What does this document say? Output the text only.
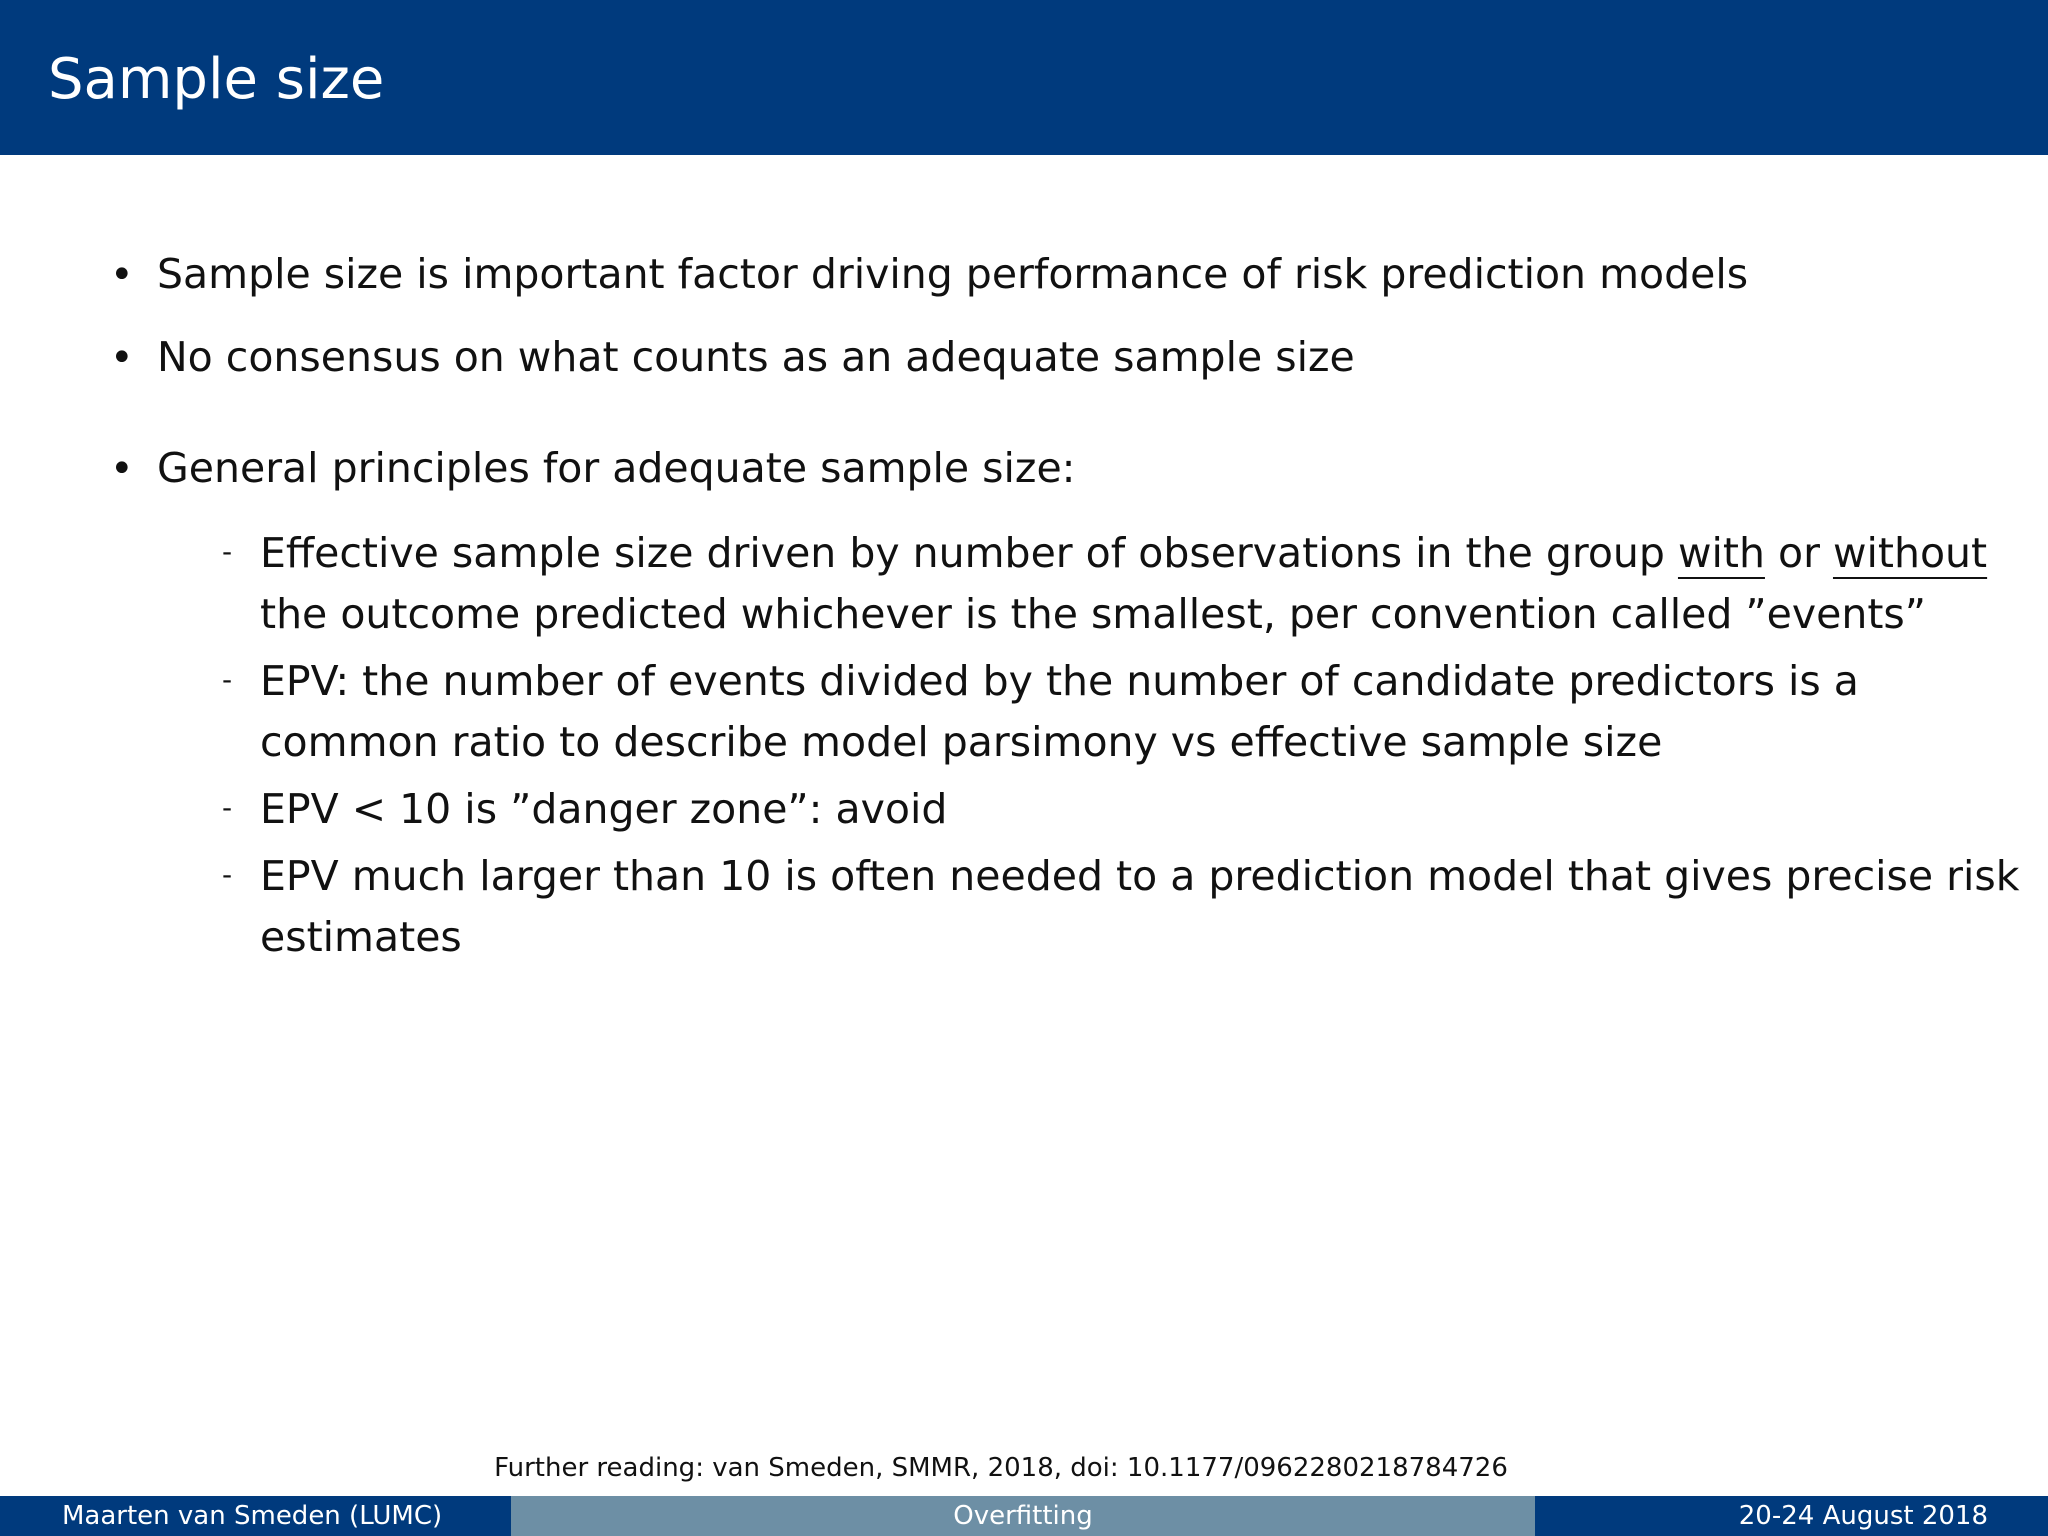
Sample size
• Sample size is important factor driving performance of risk prediction models
• No consensus on what counts as an adequate sample size
• General principles for adequate sample size:
- Effective sample size driven by number of observations in the group with or without the outcome predicted whichever is the smallest, per convention called ”events”
- EPV: the number of events divided by the number of candidate predictors is a common ratio to describe model parsimony vs effective sample size
- EPV < 10 is ”danger zone”: avoid
- EPV much larger than 10 is often needed to a prediction model that gives precise risk estimates
Further reading: van Smeden, SMMR, 2018, doi: 10.1177/0962280218784726
Maarten van Smeden (LUMC)	Overfitting	20-24 August 2018
